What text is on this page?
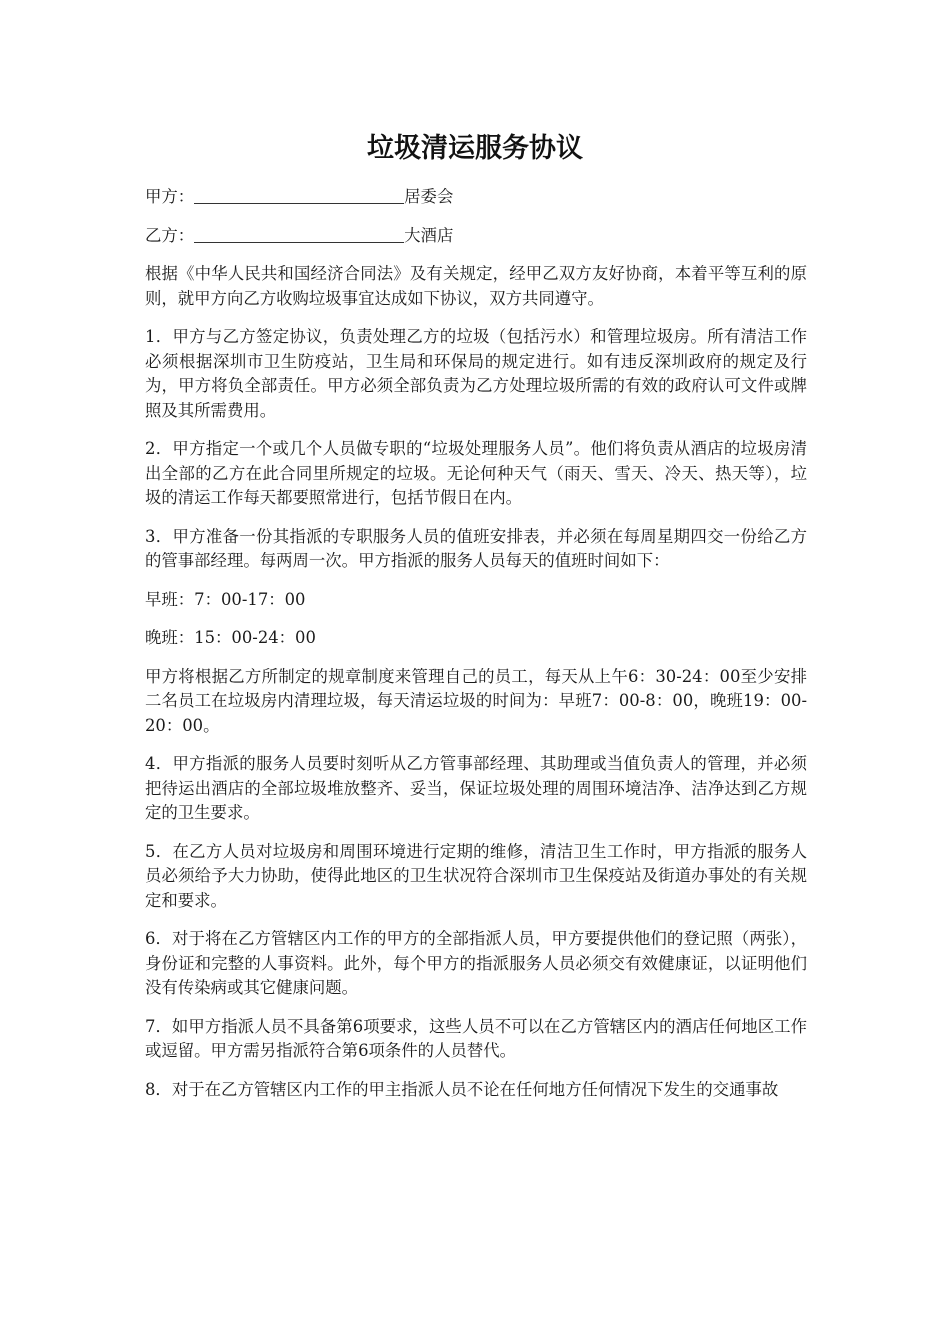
垃圾清运服务协议
甲方：	居委会
乙方：	大酒店

根据《中华人民共和国经济合同法》及有关规定，经甲乙双方友好协商，本着平等互利的原则，就甲方向乙方收购垃圾事宜达成如下协议，双方共同遵守。

1．甲方与乙方签定协议，负责处理乙方的垃圾（包括污水）和管理垃圾房。所有清洁工作必须根据深圳市卫生防疫站，卫生局和环保局的规定进行。如有违反深圳政府的规定及行为，甲方将负全部责任。甲方必须全部负责为乙方处理垃圾所需的有效的政府认可文件或牌照及其所需费用。

2．甲方指定一个或几个人员做专职的“垃圾处理服务人员”。他们将负责从酒店的垃圾房清出全部的乙方在此合同里所规定的垃圾。无论何种天气（雨天、雪天、冷天、热天等），垃圾的清运工作每天都要照常进行，包括节假日在内。

3．甲方准备一份其指派的专职服务人员的值班安排表，并必须在每周星期四交一份给乙方的管事部经理。每两周一次。甲方指派的服务人员每天的值班时间如下：

早班：7：00-17：00

晚班：15：00-24：00

甲方将根据乙方所制定的规章制度来管理自己的员工，每天从上午6：30-24：00至少安排二名员工在垃圾房内清理垃圾，每天清运垃圾的时间为：早班7：00-8：00，晚班19：00-20：00。

4．甲方指派的服务人员要时刻听从乙方管事部经理、其助理或当值负责人的管理，并必须把待运出酒店的全部垃圾堆放整齐、妥当，保证垃圾处理的周围环境洁净、洁净达到乙方规定的卫生要求。

5．在乙方人员对垃圾房和周围环境进行定期的维修，清洁卫生工作时，甲方指派的服务人员必须给予大力协助，使得此地区的卫生状况符合深圳市卫生保疫站及街道办事处的有关规定和要求。

6．对于将在乙方管辖区内工作的甲方的全部指派人员，甲方要提供他们的登记照（两张），身份证和完整的人事资料。此外，每个甲方的指派服务人员必须交有效健康证，以证明他们没有传染病或其它健康问题。

7．如甲方指派人员不具备第6项要求，这些人员不可以在乙方管辖区内的酒店任何地区工作或逗留。甲方需另指派符合第6项条件的人员替代。

8．对于在乙方管辖区内工作的甲主指派人员不论在任何地方任何情况下发生的交通事故
